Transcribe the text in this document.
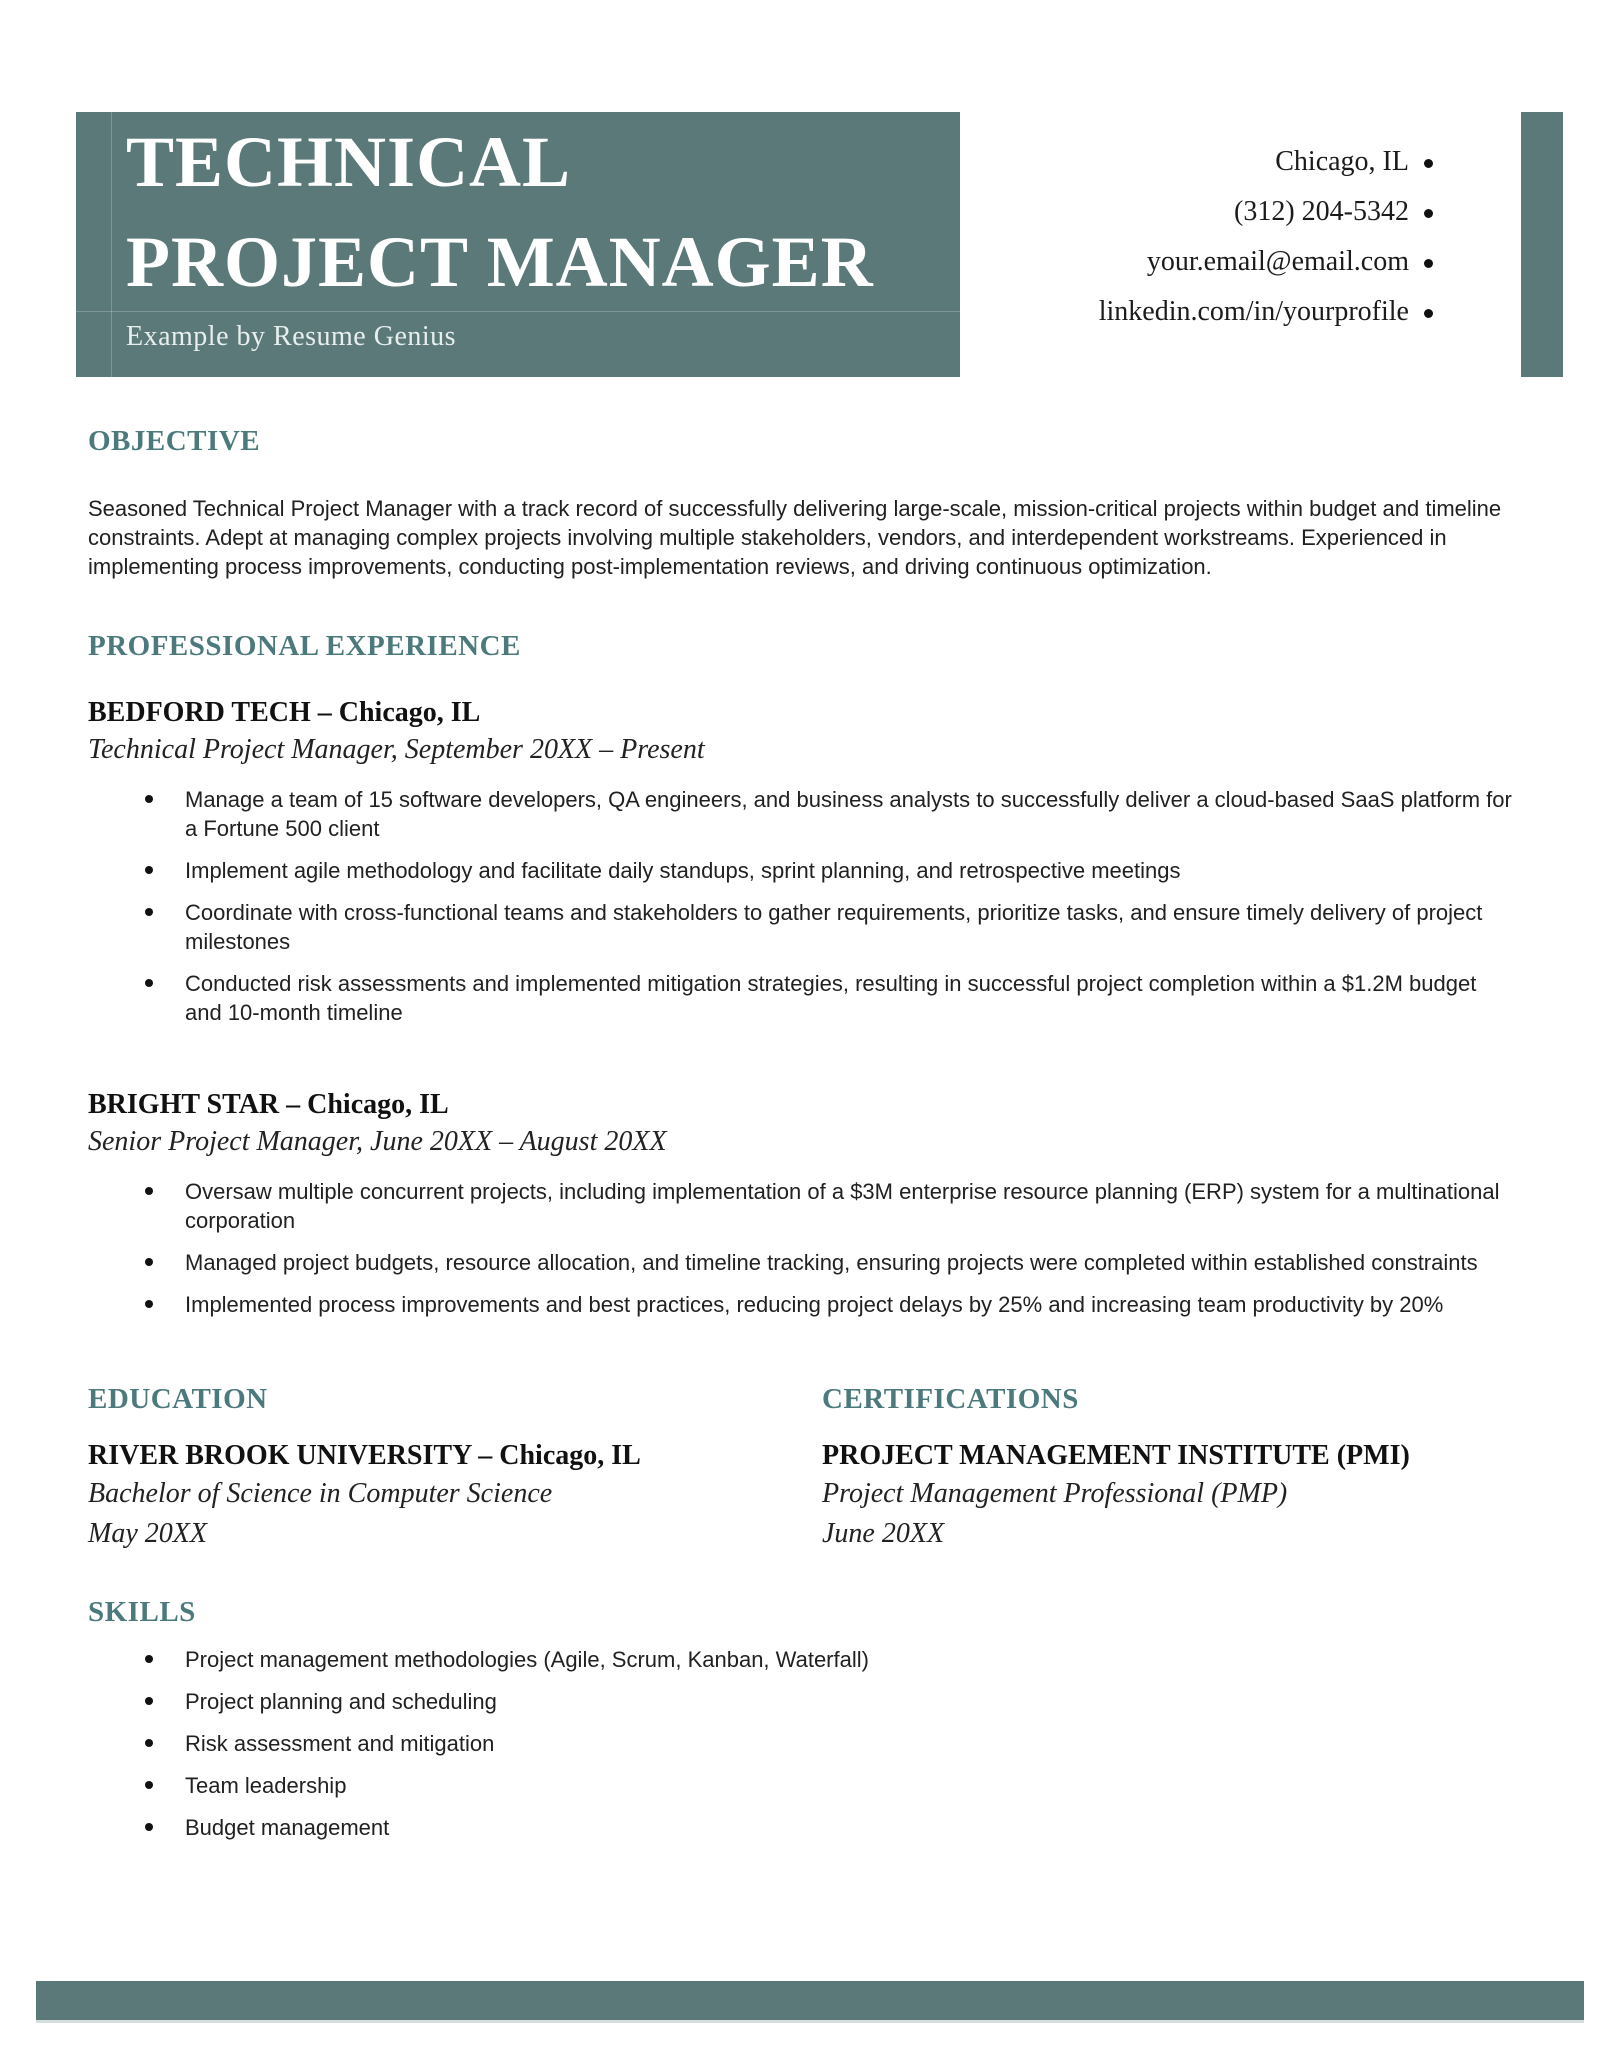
TECHNICAL
PROJECT MANAGER
Example by Resume Genius
Chicago, IL
(312) 204-5342
your.email@email.com
linkedin.com/in/yourprofile
OBJECTIVE

Seasoned Technical Project Manager with a track record of successfully delivering large-scale, mission-critical projects within budget and timeline constraints. Adept at managing complex projects involving multiple stakeholders, vendors, and interdependent workstreams. Experienced in implementing process improvements, conducting post-implementation reviews, and driving continuous optimization.

PROFESSIONAL EXPERIENCE

BEDFORD TECH – Chicago, IL

Technical Project Manager, September 20XX – Present

Manage a team of 15 software developers, QA engineers, and business analysts to successfully deliver a cloud-based SaaS platform for a Fortune 500 client
Implement agile methodology and facilitate daily standups, sprint planning, and retrospective meetings
Coordinate with cross-functional teams and stakeholders to gather requirements, prioritize tasks, and ensure timely delivery of project milestones
Conducted risk assessments and implemented mitigation strategies, resulting in successful project completion within a $1.2M budget and 10-month timeline

BRIGHT STAR – Chicago, IL

Senior Project Manager, June 20XX – August 20XX

Oversaw multiple concurrent projects, including implementation of a $3M enterprise resource planning (ERP) system for a multinational corporation
Managed project budgets, resource allocation, and timeline tracking, ensuring projects were completed within established constraints
Implemented process improvements and best practices, reducing project delays by 25% and increasing team productivity by 20%
EDUCATION

RIVER BROOK UNIVERSITY – Chicago, IL

Bachelor of Science in Computer Science

May 20XX

CERTIFICATIONS

PROJECT MANAGEMENT INSTITUTE (PMI)

Project Management Professional (PMP)

June 20XX

SKILLS
Project management methodologies (Agile, Scrum, Kanban, Waterfall)
Project planning and scheduling
Risk assessment and mitigation
Team leadership
Budget management
